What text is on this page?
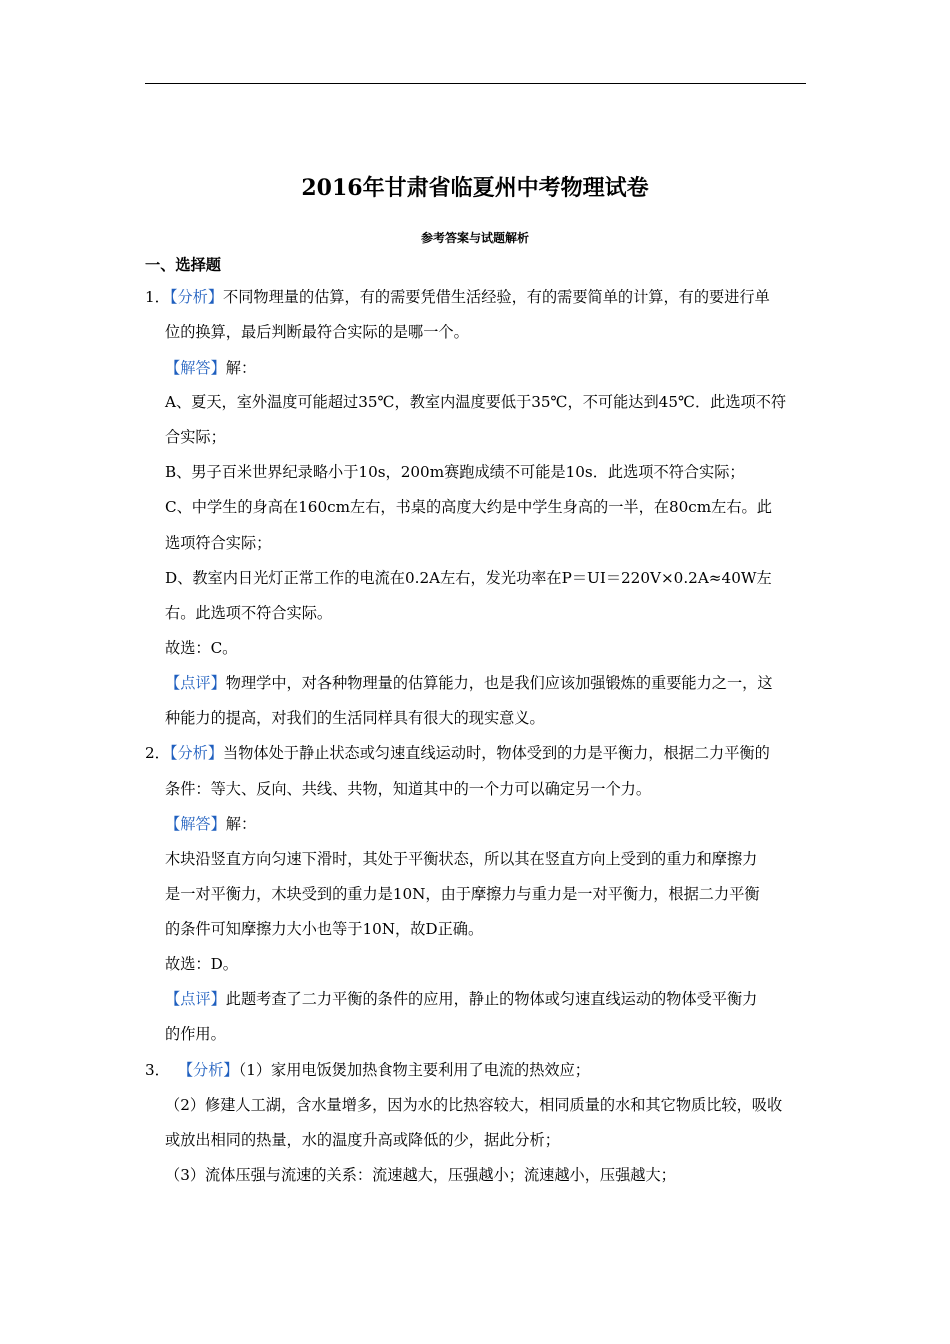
2016年甘肃省临夏州中考物理试卷
参考答案与试题解析
一、选择题
1．【分析】不同物理量的估算，有的需要凭借生活经验，有的需要简单的计算，有的要进行单
位的换算，最后判断最符合实际的是哪一个。
【解答】解：
A、夏天，室外温度可能超过35℃，教室内温度要低于35℃，不可能达到45℃．此选项不符
合实际；
B、男子百米世界纪录略小于10s，200m赛跑成绩不可能是10s．此选项不符合实际；
C、中学生的身高在160cm左右，书桌的高度大约是中学生身高的一半，在80cm左右。此
选项符合实际；
D、教室内日光灯正常工作的电流在0.2A左右，发光功率在P＝UI＝220V×0.2A≈40W左
右。此选项不符合实际。
故选：C。
【点评】物理学中，对各种物理量的估算能力，也是我们应该加强锻炼的重要能力之一，这
种能力的提高，对我们的生活同样具有很大的现实意义。
2．【分析】当物体处于静止状态或匀速直线运动时，物体受到的力是平衡力，根据二力平衡的
条件：等大、反向、共线、共物，知道其中的一个力可以确定另一个力。
【解答】解：
木块沿竖直方向匀速下滑时，其处于平衡状态，所以其在竖直方向上受到的重力和摩擦力
是一对平衡力，木块受到的重力是10N，由于摩擦力与重力是一对平衡力，根据二力平衡
的条件可知摩擦力大小也等于10N，故D正确。
故选：D。
【点评】此题考查了二力平衡的条件的应用，静止的物体或匀速直线运动的物体受平衡力
的作用。
3． 【分析】（1）家用电饭煲加热食物主要利用了电流的热效应；
（2）修建人工湖，含水量增多，因为水的比热容较大，相同质量的水和其它物质比较，吸收
或放出相同的热量，水的温度升高或降低的少，据此分析；
（3）流体压强与流速的关系：流速越大，压强越小；流速越小，压强越大；
